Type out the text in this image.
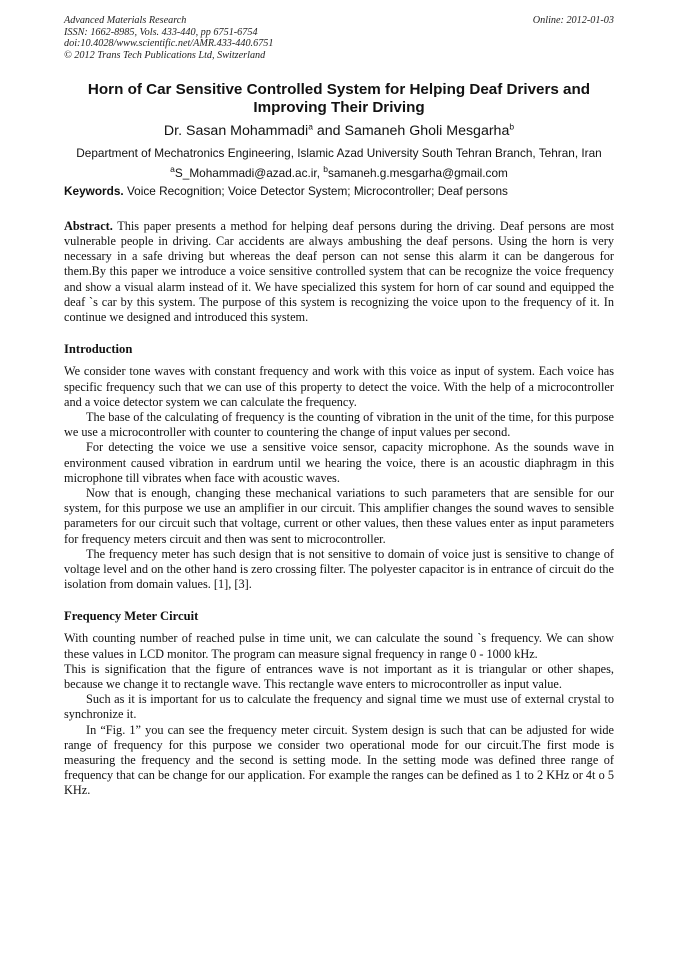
Advanced Materials Research
ISSN: 1662-8985, Vols. 433-440, pp 6751-6754
doi:10.4028/www.scientific.net/AMR.433-440.6751
© 2012 Trans Tech Publications Ltd, Switzerland
Online: 2012-01-03
Horn of Car Sensitive Controlled System for Helping Deaf Drivers and Improving Their Driving
Dr. Sasan Mohammadi$^a$ and Samaneh Gholi Mesgarha$^b$
Department of Mechatronics Engineering, Islamic Azad University South Tehran Branch, Tehran, Iran
$^a$S_Mohammadi@azad.ac.ir, $^b$samaneh.g.mesgarha@gmail.com
Keywords. Voice Recognition; Voice Detector System; Microcontroller; Deaf persons
Abstract. This paper presents a method for helping deaf persons during the driving. Deaf persons are most vulnerable people in driving. Car accidents are always ambushing the deaf persons. Using the horn is very necessary in a safe driving but whereas the deaf person can not sense this alarm it can be dangerous for them.By this paper we introduce a voice sensitive controlled system that can be recognize the voice frequency and show a visual alarm instead of it. We have specialized this system for horn of car sound and equipped the deaf `s car by this system. The purpose of this system is recognizing the voice upon to the frequency of it. In continue we designed and introduced this system.
Introduction

We consider tone waves with constant frequency and work with this voice as input of system. Each voice has specific frequency such that we can use of this property to detect the voice. With the help of a microcontroller and a voice detector system we can calculate the frequency.

The base of the calculating of frequency is the counting of vibration in the unit of the time, for this purpose we use a microcontroller with counter to countering the change of input values per second.

For detecting the voice we use a sensitive voice sensor, capacity microphone. As the sounds wave in environment caused vibration in eardrum until we hearing the voice, there is an acoustic diaphragm in this microphone till vibrates when face with acoustic waves.

Now that is enough, changing these mechanical variations to such parameters that are sensible for our system, for this purpose we use an amplifier in our circuit. This amplifier changes the sound waves to sensible parameters for our circuit such that voltage, current or other values, then these values enter as input parameters for frequency meters circuit and then was sent to microcontroller.

The frequency meter has such design that is not sensitive to domain of voice just is sensitive to change of voltage level and on the other hand is zero crossing filter. The polyester capacitor is in entrance of circuit do the isolation from domain values. [1], [3].

Frequency Meter Circuit

With counting number of reached pulse in time unit, we can calculate the sound `s frequency. We can show these values in LCD monitor. The program can measure signal frequency in range 0 - 1000 kHz.

This is signification that the figure of entrances wave is not important as it is triangular or other shapes, because we change it to rectangle wave. This rectangle wave enters to microcontroller as input value.

Such as it is important for us to calculate the frequency and signal time we must use of external crystal to synchronize it.

In “Fig. 1” you can see the frequency meter circuit. System design is such that can be adjusted for wide range of frequency for this purpose we consider two operational mode for our circuit.The first mode is measuring the frequency and the second is setting mode. In the setting mode was defined three range of frequency that can be change for our application. For example the ranges can be defined as 1 to 2 KHz or 4t o 5 KHz.
